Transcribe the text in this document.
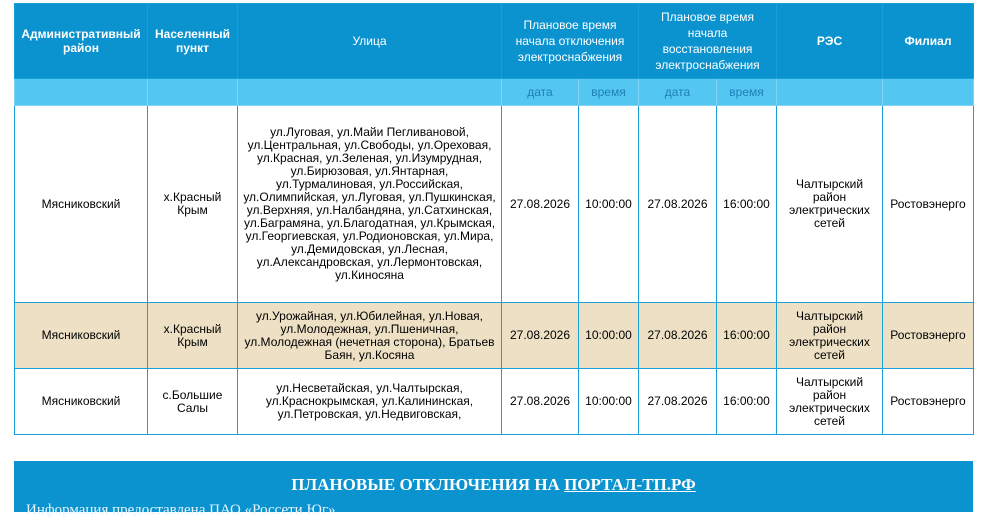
Административный район	Населенный пункт	Улица	Плановое время начала отключения электроснабжения		Плановое время начала восстановления электроснабжения		РЭС	Филиал
			дата	время	дата	время		
Мясниковский	х.Красный Крым	ул.Луговая, ул.Майи Пегливановой, ул.Центральная, ул.Свободы, ул.Ореховая, ул.Красная, ул.Зеленая, ул.Изумрудная, ул.Бирюзовая, ул.Янтарная, ул.Турмалиновая, ул.Российская, ул.Олимпийская, ул.Луговая, ул.Пушкинская, ул.Верхняя, ул.Налбандяна, ул.Сатхинская, ул.Баграмяна, ул.Благодатная, ул.Крымская, ул.Георгиевская, ул.Родионовская, ул.Мира, ул.Демидовская, ул.Лесная, ул.Александровская, ул.Лермонтовская, ул.Киносяна	27.08.2026	10:00:00	27.08.2026	16:00:00	Чалтырский район электрических сетей	Ростовэнерго
Мясниковский	х.Красный Крым	ул.Урожайная, ул.Юбилейная, ул.Новая, ул.Молодежная, ул.Пшеничная, ул.Молодежная (нечетная сторона), Братьев Баян, ул.Косяна	27.08.2026	10:00:00	27.08.2026	16:00:00	Чалтырский район электрических сетей	Ростовэнерго
Мясниковский	с.Большие Салы	ул.Несветайская, ул.Чалтырская, ул.Краснокрымская, ул.Калининская, ул.Петровская, ул.Недвиговская,	27.08.2026	10:00:00	27.08.2026	16:00:00	Чалтырский район электрических сетей	Ростовэнерго
ПЛАНОВЫЕ ОТКЛЮЧЕНИЯ НА ПОРТАЛ-ТП.РФ
Информация предоставлена ПАО «Россети Юг»
